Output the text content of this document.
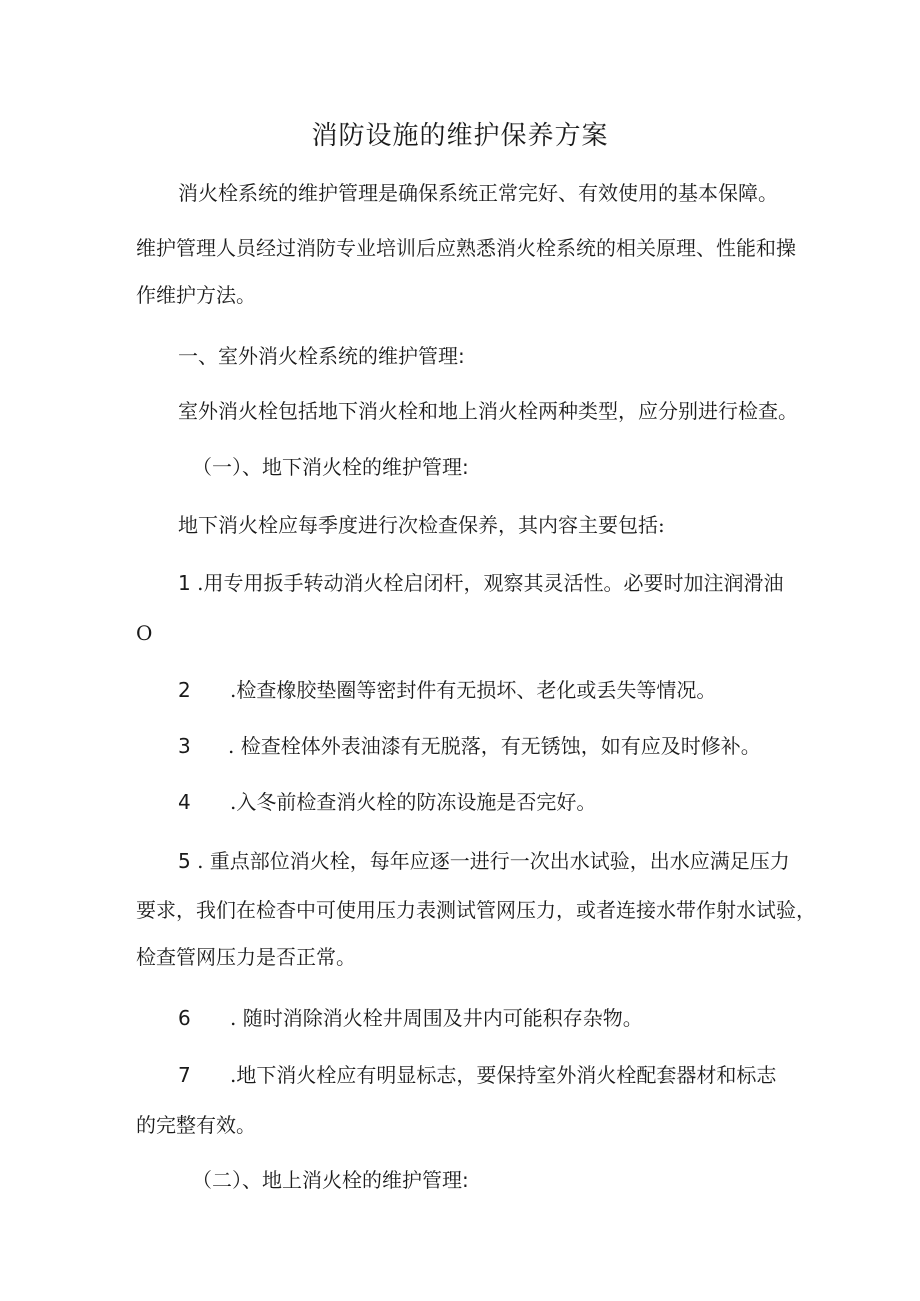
消防设施的维护保养方案
消火栓系统的维护管理是确保系统正常完好、有效使用的基本保障。
维护管理人员经过消防专业培训后应熟悉消火栓系统的相关原理、性能和操
作维护方法。
一、室外消火栓系统的维护管理:
室外消火栓包括地下消火栓和地上消火栓两种类型，应分别进行检查。
（一）、地下消火栓的维护管理:
地下消火栓应每季度进行次检查保养，其内容主要包括:
1 .用专用扳手转动消火栓启闭杆，观察其灵活性。必要时加注润滑油
O
2 .检查橡胶垫圈等密封件有无损坏、老化或丢失等情况。
3 . 检查栓体外表油漆有无脱落，有无锈蚀，如有应及时修补。
4 .入冬前检查消火栓的防冻设施是否完好。
5 . 重点部位消火栓，每年应逐一进行一次出水试验，出水应满足压力
要求，我们在检杳中可使用压力表测试管网压力，或者连接水带作射水试验，
检查管网压力是否正常。
6 . 随时消除消火栓井周围及井内可能积存杂物。
7 .地下消火栓应有明显标志，要保持室外消火栓配套器材和标志
的完整有效。
（二）、地上消火栓的维护管理:
